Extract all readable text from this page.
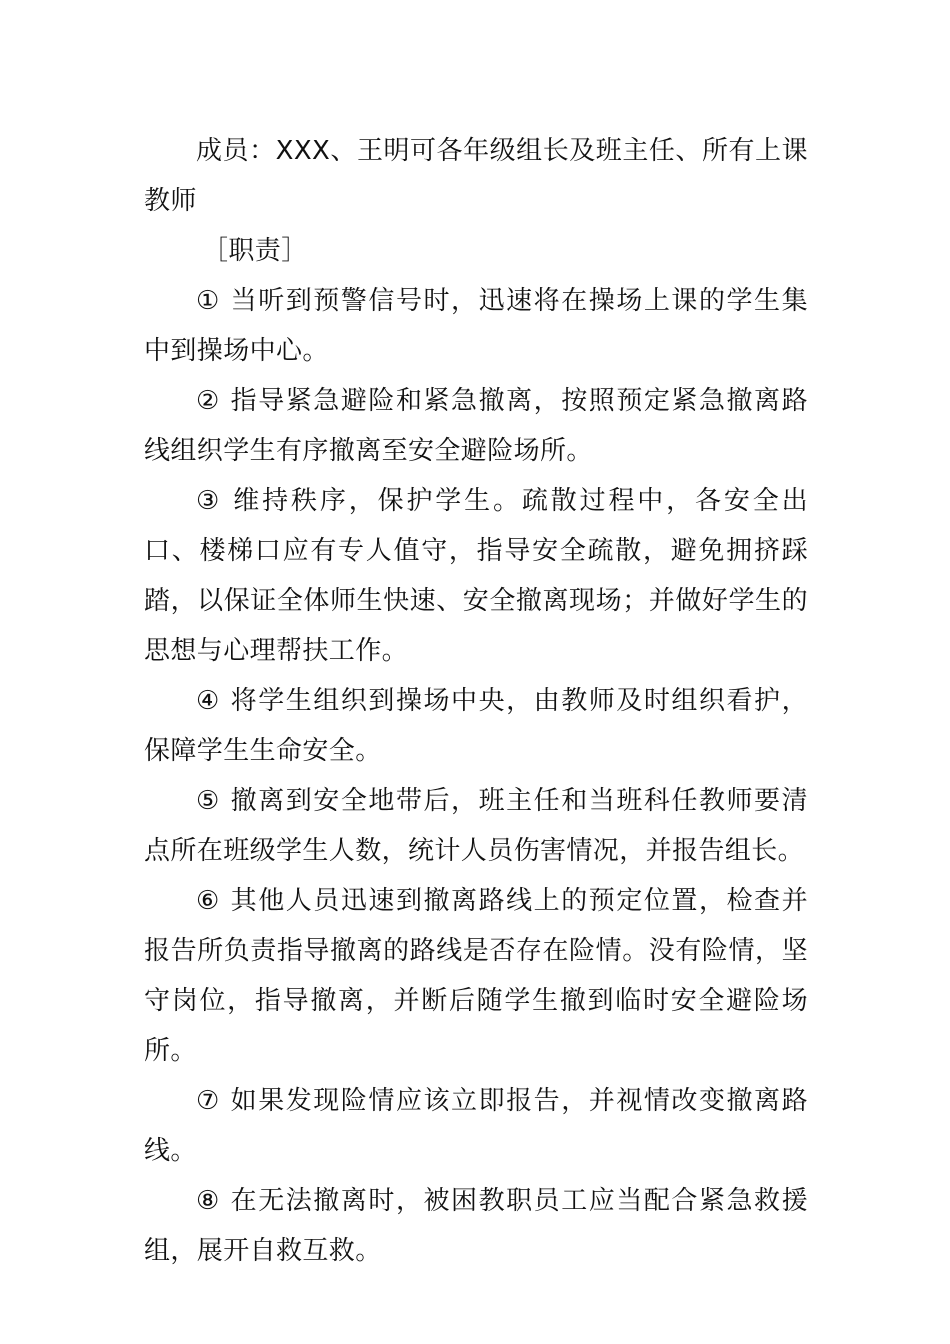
成员：XXX、王明可各年级组长及班主任、所有上课教师

［职责］

① 当听到预警信号时，迅速将在操场上课的学生集中到操场中心。

② 指导紧急避险和紧急撤离，按照预定紧急撤离路线组织学生有序撤离至安全避险场所。

③ 维持秩序，保护学生。疏散过程中，各安全出口、楼梯口应有专人值守，指导安全疏散，避免拥挤踩踏，以保证全体师生快速、安全撤离现场；并做好学生的思想与心理帮扶工作。

④ 将学生组织到操场中央，由教师及时组织看护，保障学生生命安全。

⑤ 撤离到安全地带后，班主任和当班科任教师要清点所在班级学生人数，统计人员伤害情况，并报告组长。

⑥ 其他人员迅速到撤离路线上的预定位置，检查并报告所负责指导撤离的路线是否存在险情。没有险情，坚守岗位，指导撤离，并断后随学生撤到临时安全避险场所。

⑦ 如果发现险情应该立即报告，并视情改变撤离路线。

⑧ 在无法撤离时，被困教职员工应当配合紧急救援组，展开自救互救。
